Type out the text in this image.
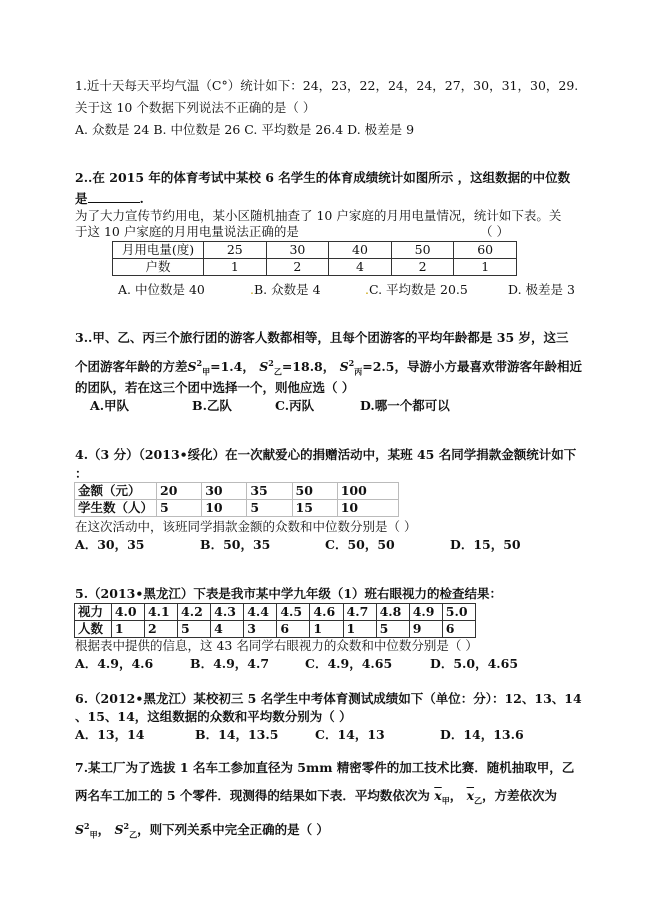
1.近十天每天平均气温（C°）统计如下：24，23，22，24，24，27，30，31，30，29.
关于这 10 个数据下列说法不正确的是（ ）
A. 众数是 24 B. 中位数是 26 C. 平均数是 26.4 D. 极差是 9
2..在 2015 年的体育考试中某校 6 名学生的体育成绩统计如图所示 ，这组数据的中位数
是	.
为了大力宣传节约用电，某小区随机抽查了 10 户家庭的月用电量情况，统计如下表。关
于这 10 户家庭的月用电量说法正确的是	（ ）
月用电量(度)	25	30	40	50	60
户数	1	2	4	2	1
A. 中位数是 40	.B. 众数是 4	.C. 平均数是 20.5	D. 极差是 3
3..甲、乙、丙三个旅行团的游客人数都相等，且每个团游客的平均年龄都是 35 岁，这三
个团游客年龄的方差$S^2_甲=1.4$， $S^2_乙=18.8$， $S^2_丙=2.5$，导游小方最喜欢带游客年龄相近
的团队，若在这三个团中选择一个，则他应选（ ）
A.甲队	B.乙队	C.丙队	D.哪一个都可以
4.（3 分）（2013•绥化）在一次献爱心的捐赠活动中，某班 45 名同学捐款金额统计如下
：
金额（元）	20	30	35	50	100
学生数（人）	5	10	5	15	10
在这次活动中，该班同学捐款金额的众数和中位数分别是（ ）
A．30，35	B．50，35	C．50，50	D．15，50
5.（2013•黑龙江）下表是我市某中学九年级（1）班右眼视力的检查结果：
视力	4.0	4.1	4.2	4.3	4.4	4.5	4.6	4.7	4.8	4.9	5.0
人数	1	2	5	4	3	6	1	1	5	9	6
根据表中提供的信息，这 43 名同学右眼视力的众数和中位数分别是（ ）
A．4.9，4.6	B．4.9，4.7	C．4.9，4.65	D．5.0，4.65
6.（2012•黑龙江）某校初三 5 名学生中考体育测试成绩如下（单位：分）：12、13、14
、15、14，这组数据的众数和平均数分别为（ ）
A．13，14	B．14，13.5	C．14，13	D．14，13.6
7.某工厂为了选拔 1 名车工参加直径为 5mm 精密零件的加工技术比赛．随机抽取甲，乙
两名车工加工的 5 个零件．现测得的结果如下表．平均数依次为 $\overline{x}_甲$， $\overline{x}_乙$，方差依次为
$S^2_甲$， $S^2_乙$，则下列关系中完全正确的是（ ）
